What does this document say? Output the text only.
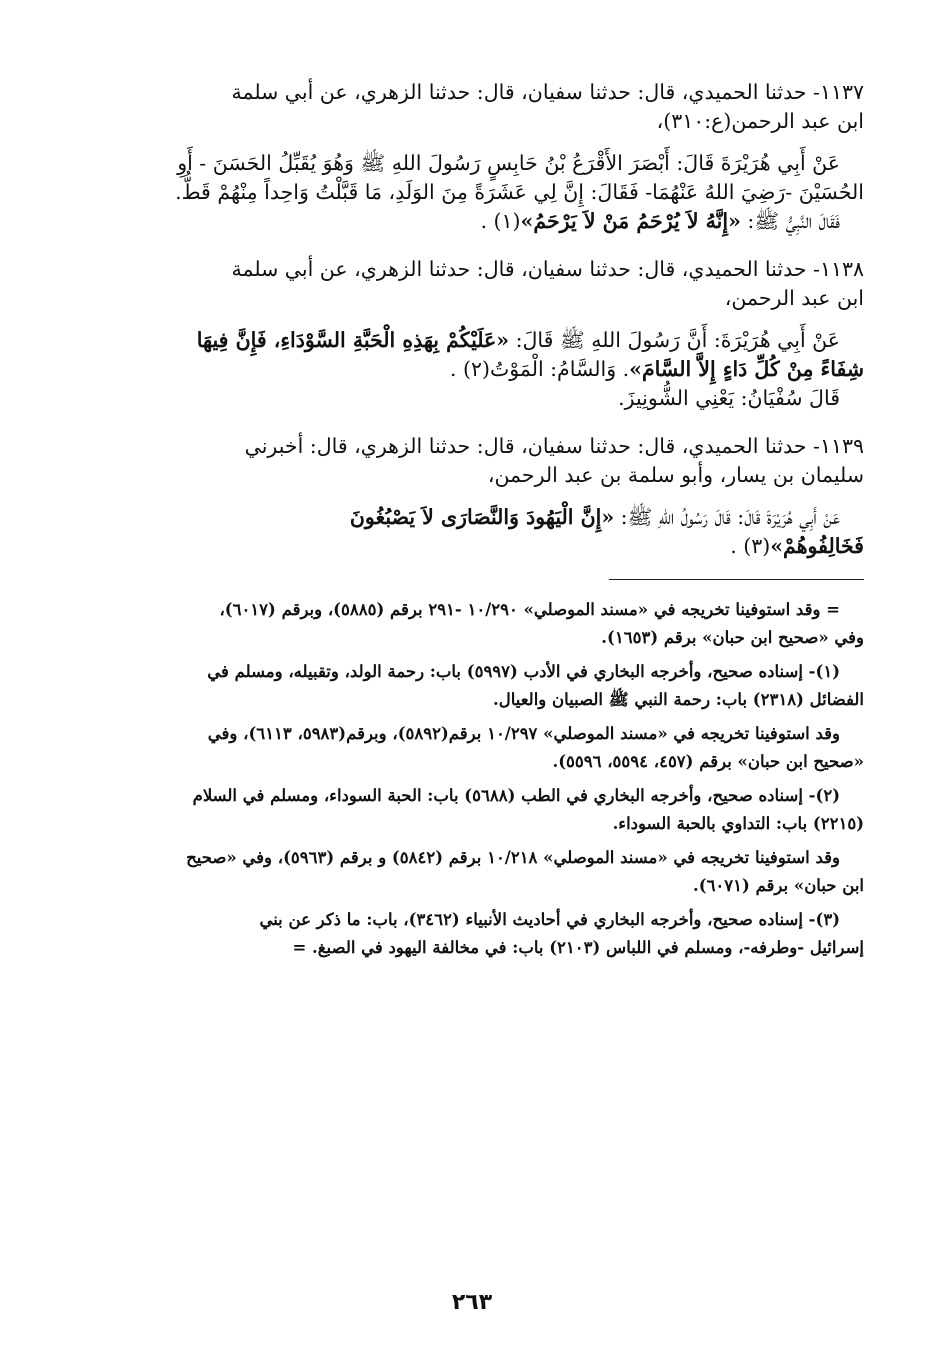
١١٣٧- حدثنا الحميدي، قال: حدثنا سفيان، قال: حدثنا الزهري، عن أبي سلمة

ابن عبد الرحمن(ع:٣١٠)،

عَنْ أَبِي هُرَيْرَةَ قَالَ: أَبْصَرَ الأَقْرَعُ بْنُ حَابِسٍ رَسُولَ اللهِ ﷺ وَهُوَ يُقَبِّلُ الحَسَنَ - أَوِ

الحُسَيْنَ -رَضِيَ اللهُ عَنْهُمَا- فَقَالَ: إِنَّ لِي عَشَرَةً مِنَ الوَلَدِ، مَا قَبَّلْتُ وَاحِداً مِنْهُمْ قَطُّ.

فَقَالَ النَّبِيُّ ﷺ: «إِنَّهُ لاَ يُرْحَمُ مَنْ لاَ يَرْحَمُ»(١) .

١١٣٨- حدثنا الحميدي، قال: حدثنا سفيان، قال: حدثنا الزهري، عن أبي سلمة

ابن عبد الرحمن،

عَنْ أَبِي هُرَيْرَةَ: أَنَّ رَسُولَ اللهِ ﷺ قَالَ: «عَلَيْكُمْ بِهَذِهِ الْحَبَّةِ السَّوْدَاءِ، فَإِنَّ فِيهَا

شِفَاءً مِنْ كُلِّ دَاءٍ إِلاَّ السَّامَ». وَالسَّامُ: الْمَوْتُ(٢) .

قَالَ سُفْيَانُ: يَعْنِي الشُّونِيزَ.

١١٣٩- حدثنا الحميدي، قال: حدثنا سفيان، قال: حدثنا الزهري، قال: أخبرني

سليمان بن يسار، وأبو سلمة بن عبد الرحمن،

عَنْ أَبِي هُرَيْرَةَ قَالَ: قَالَ رَسُولُ اللهِ ﷺ: «إِنَّ الْيَهُودَ وَالنَّصَارَى لاَ يَصْبُغُونَ

فَخَالِفُوهُمْ»(٣) .

= وقد استوفينا تخريجه في «مسند الموصلي» ١٠/٢٩٠ -٢٩١ برقم (٥٨٨٥)، وبرقم (٦٠١٧)،

وفي «صحيح ابن حبان» برقم (١٦٥٣).

(١)- إسناده صحيح، وأخرجه البخاري في الأدب (٥٩٩٧) باب: رحمة الولد، وتقبيله، ومسلم في

الفضائل (٢٣١٨) باب: رحمة النبي ﷺ الصبيان والعيال.

وقد استوفينا تخريجه في «مسند الموصلي» ١٠/٢٩٧ برقم(٥٨٩٢)، وبرقم(٥٩٨٣، ٦١١٣)، وفي

«صحيح ابن حبان» برقم (٤٥٧، ٥٥٩٤، ٥٥٩٦).

(٢)- إسناده صحيح، وأخرجه البخاري في الطب (٥٦٨٨) باب: الحبة السوداء، ومسلم في السلام

(٢٢١٥) باب: التداوي بالحبة السوداء.

وقد استوفينا تخريجه في «مسند الموصلي» ١٠/٢١٨ برقم (٥٨٤٢) و برقم (٥٩٦٣)، وفي «صحيح

ابن حبان» برقم (٦٠٧١).

(٣)- إسناده صحيح، وأخرجه البخاري في أحاديث الأنبياء (٣٤٦٢)، باب: ما ذكر عن بني

إسرائيل -وطرفه-، ومسلم في اللباس (٢١٠٣) باب: في مخالفة اليهود في الصبغ. =

٢٦٣
